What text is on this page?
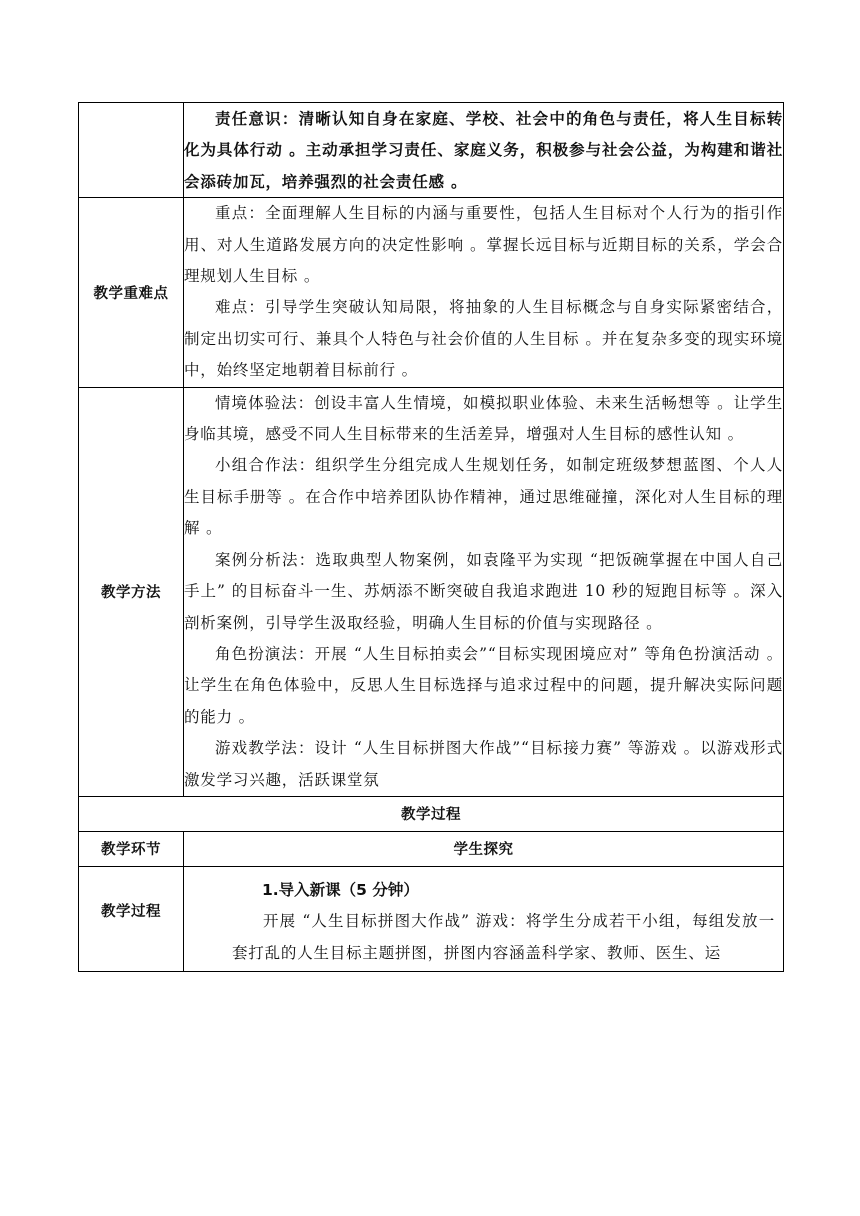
	责任意识：清晰认知自身在家庭、学校、社会中的角色与责任，将人生目标转化为具体行动 。主动承担学习责任、家庭义务，积极参与社会公益，为构建和谐社会添砖加瓦，培养强烈的社会责任感 。

教学重难点	重点：全面理解人生目标的内涵与重要性，包括人生目标对个人行为的指引作用、对人生道路发展方向的决定性影响 。掌握长远目标与近期目标的关系，学会合理规划人生目标 。

难点：引导学生突破认知局限，将抽象的人生目标概念与自身实际紧密结合，制定出切实可行、兼具个人特色与社会价值的人生目标 。并在复杂多变的现实环境中，始终坚定地朝着目标前行 。

教学方法	情境体验法：创设丰富人生情境，如模拟职业体验、未来生活畅想等 。让学生身临其境，感受不同人生目标带来的生活差异，增强对人生目标的感性认知 。

小组合作法：组织学生分组完成人生规划任务，如制定班级梦想蓝图、个人人生目标手册等 。在合作中培养团队协作精神，通过思维碰撞，深化对人生目标的理解 。

案例分析法：选取典型人物案例，如袁隆平为实现 “把饭碗掌握在中国人自己手上” 的目标奋斗一生、苏炳添不断突破自我追求跑进 10 秒的短跑目标等 。深入剖析案例，引导学生汲取经验，明确人生目标的价值与实现路径 。

角色扮演法：开展 “人生目标拍卖会”“目标实现困境应对” 等角色扮演活动 。让学生在角色体验中，反思人生目标选择与追求过程中的问题，提升解决实际问题的能力 。

游戏教学法：设计 “人生目标拼图大作战”“目标接力赛” 等游戏 。以游戏形式激发学习兴趣，活跃课堂氛

教学过程	
教学环节	学生探究
教学过程	1.导入新课（5 分钟）

开展 “人生目标拼图大作战” 游戏：将学生分成若干小组，每组发放一套打乱的人生目标主题拼图，拼图内容涵盖科学家、教师、医生、运
